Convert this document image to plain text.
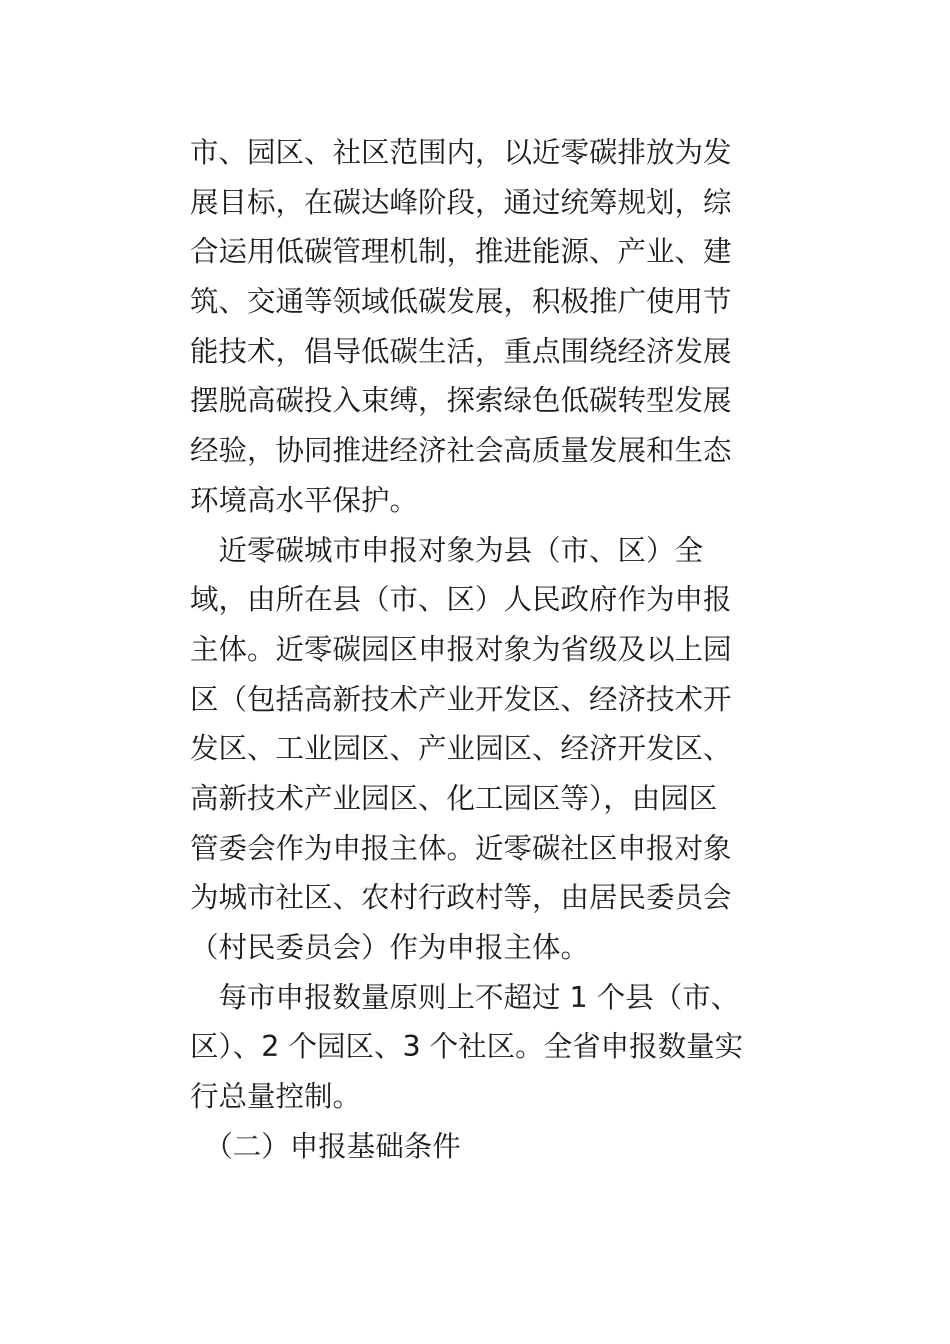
市、园区、社区范围内，以近零碳排放为发
展目标，在碳达峰阶段，通过统筹规划，综
合运用低碳管理机制，推进能源、产业、建
筑、交通等领域低碳发展，积极推广使用节
能技术，倡导低碳生活，重点围绕经济发展
摆脱高碳投入束缚，探索绿色低碳转型发展
经验，协同推进经济社会高质量发展和生态
环境高水平保护。
　近零碳城市申报对象为县（市、区）全
域，由所在县（市、区）人民政府作为申报
主体。近零碳园区申报对象为省级及以上园
区（包括高新技术产业开发区、经济技术开
发区、工业园区、产业园区、经济开发区、
高新技术产业园区、化工园区等），由园区
管委会作为申报主体。近零碳社区申报对象
为城市社区、农村行政村等，由居民委员会
（村民委员会）作为申报主体。
　每市申报数量原则上不超过 1 个县（市、
区）、2 个园区、3 个社区。全省申报数量实
行总量控制。
　（二）申报基础条件
